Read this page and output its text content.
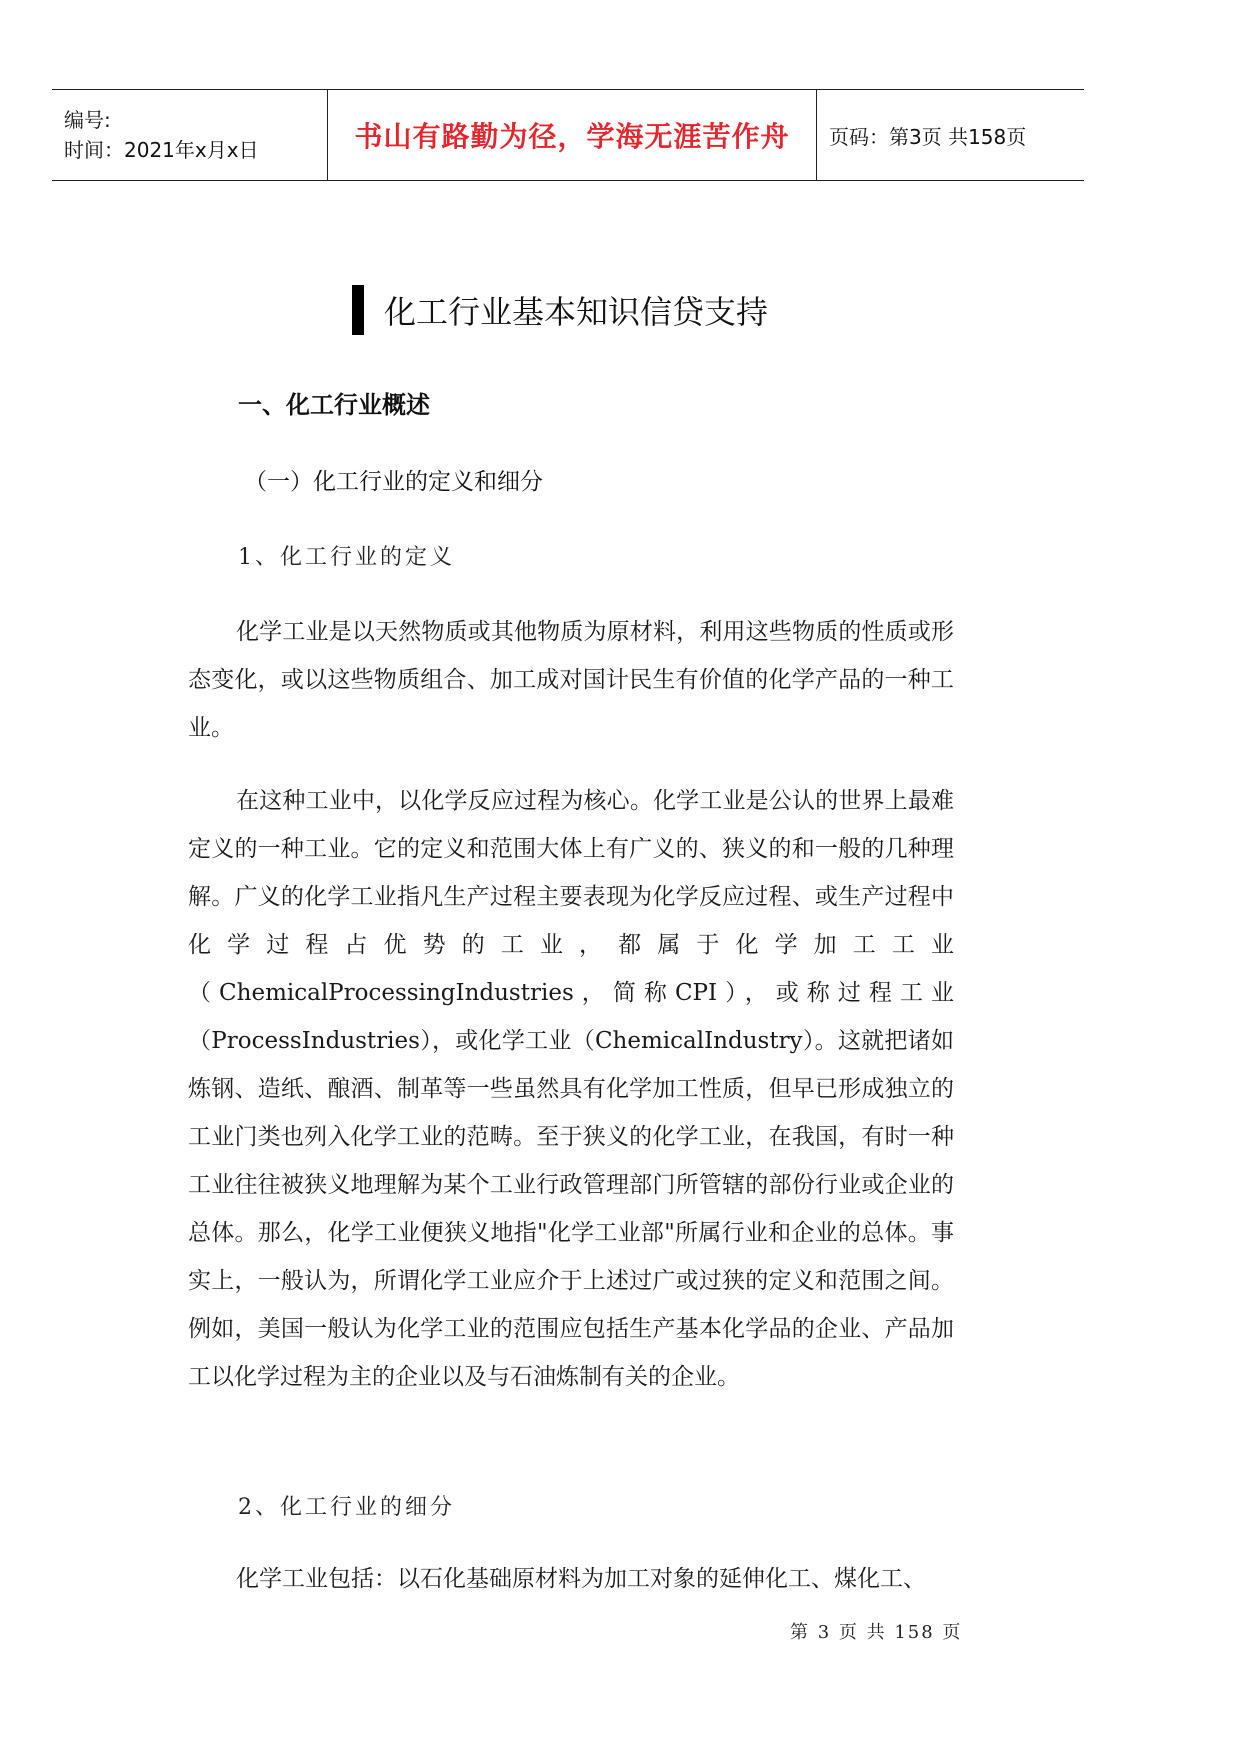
编号:
时间：2021年x月x日	书山有路勤为径，学海无涯苦作舟	页码：第3页 共158页
化工行业基本知识信贷支持
一、化工行业概述
（一）化工行业的定义和细分
1、化工行业的定义

化学工业是以天然物质或其他物质为原材料，利用这些物质的性质或形态变化，或以这些物质组合、加工成对国计民生有价值的化学产品的一种工业。

在这种工业中，以化学反应过程为核心。化学工业是公认的世界上最难定义的一种工业。它的定义和范围大体上有广义的、狭义的和一般的几种理解。广义的化学工业指凡生产过程主要表现为化学反应过程、或生产过程中化学过程占优势的工业，都属于化学加工工业（ChemicalProcessingIndustries，简称CPI），或称过程工业（ProcessIndustries），或化学工业（ChemicalIndustry）。这就把诸如炼钢、造纸、酿酒、制革等一些虽然具有化学加工性质，但早已形成独立的工业门类也列入化学工业的范畴。至于狭义的化学工业，在我国，有时一种工业往往被狭义地理解为某个工业行政管理部门所管辖的部份行业或企业的总体。那么，化学工业便狭义地指"化学工业部"所属行业和企业的总体。事实上，一般认为，所谓化学工业应介于上述过广或过狭的定义和范围之间。例如，美国一般认为化学工业的范围应包括生产基本化学品的企业、产品加工以化学过程为主的企业以及与石油炼制有关的企业。

2、化工行业的细分

化学工业包括：以石化基础原材料为加工对象的延伸化工、煤化工、

第 3 页 共 158 页
